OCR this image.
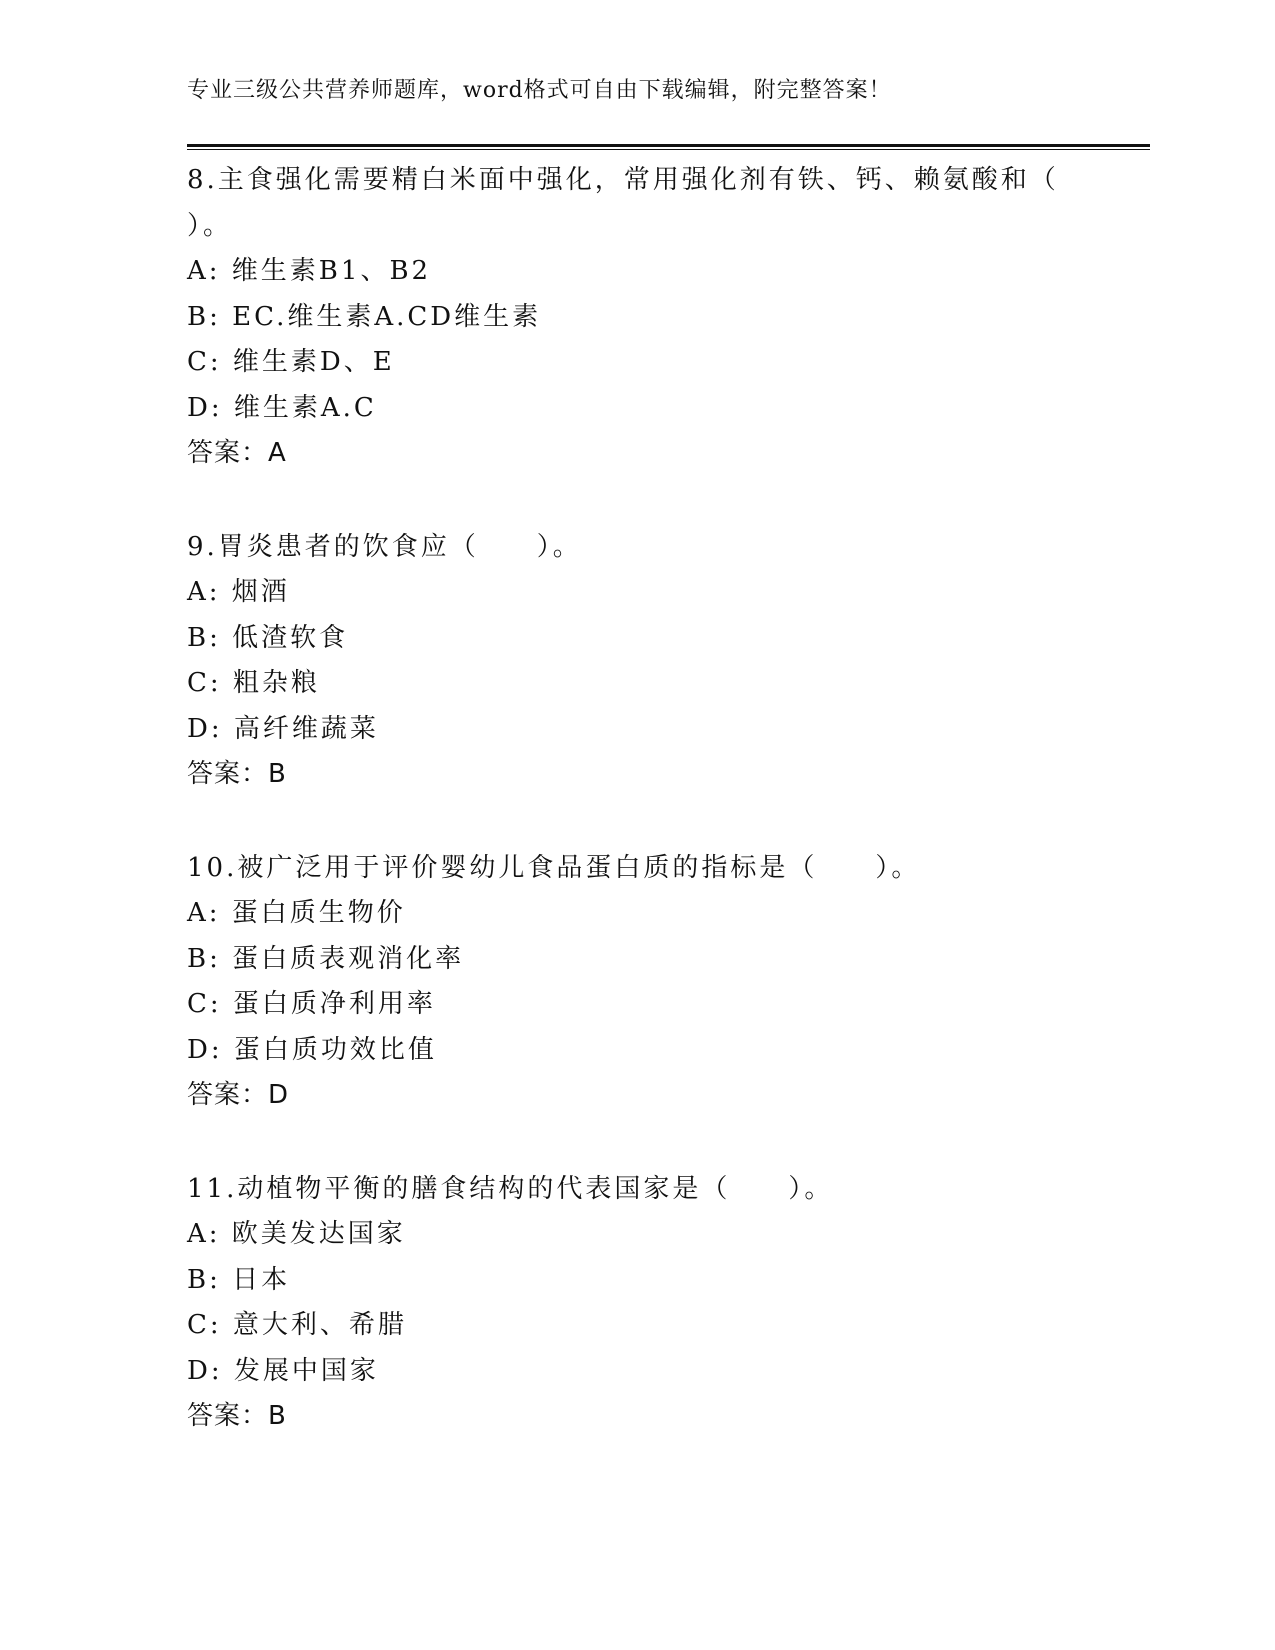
专业三级公共营养师题库，word格式可自由下载编辑，附完整答案！
8.主食强化需要精白米面中强化，常用强化剂有铁、钙、赖氨酸和（ ）。
A: 维生素B1、B2
B: EC.维生素A.CD维生素
C: 维生素D、E
D: 维生素A.C
答案：A
9.胃炎患者的饮食应（　　）。
A: 烟酒
B: 低渣软食
C: 粗杂粮
D: 高纤维蔬菜
答案：B
10.被广泛用于评价婴幼儿食品蛋白质的指标是（　　）。
A: 蛋白质生物价
B: 蛋白质表观消化率
C: 蛋白质净利用率
D: 蛋白质功效比值
答案：D
11.动植物平衡的膳食结构的代表国家是（　　）。
A: 欧美发达国家
B: 日本
C: 意大利、希腊
D: 发展中国家
答案：B
